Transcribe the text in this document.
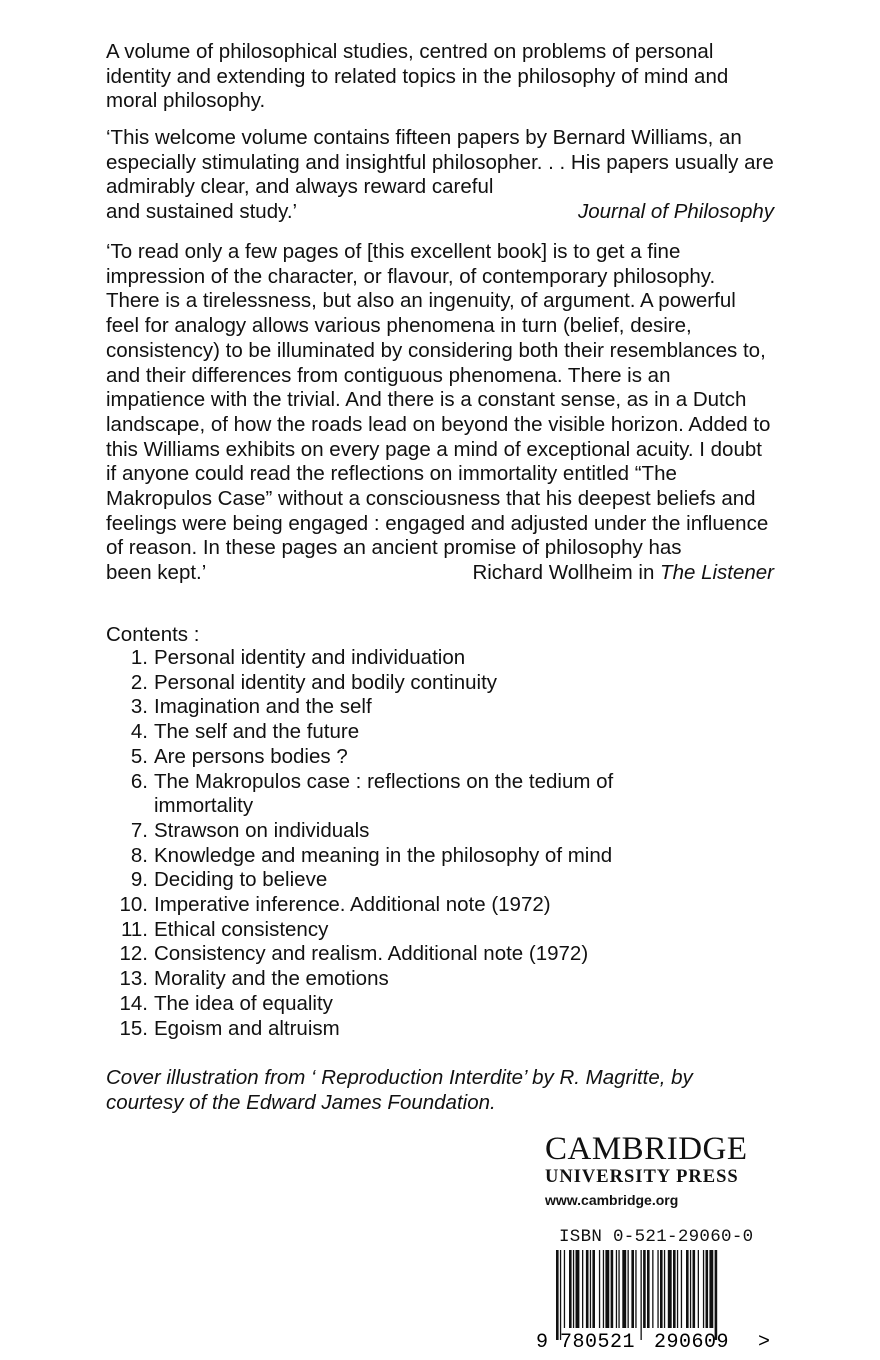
A volume of philosophical studies, centred on problems of personal identity and extending to related topics in the philosophy of mind and moral philosophy.

‘This welcome volume contains fifteen papers by Bernard Williams, an especially stimulating and insightful philosopher. . . His papers usually are admirably clear, and always reward careful
and sustained study.’	Journal of Philosophy
‘To read only a few pages of [this excellent book] is to get a fine impression of the character, or flavour, of contemporary philosophy. There is a tirelessness, but also an ingenuity, of argument. A powerful feel for analogy allows various phenomena in turn (belief, desire, consistency) to be illuminated by considering both their resemblances to, and their differences from contiguous phenomena. There is an impatience with the trivial. And there is a constant sense, as in a Dutch landscape, of how the roads lead on beyond the visible horizon. Added to this Williams exhibits on every page a mind of exceptional acuity. I doubt if anyone could read the reflections on immortality entitled “The Makropulos Case” without a consciousness that his deepest beliefs and feelings were being engaged : engaged and adjusted under the influence of reason. In these pages an ancient promise of philosophy has
been kept.’	Richard Wollheim in The Listener
Contents :
1. Personal identity and individuation
2. Personal identity and bodily continuity
3. Imagination and the self
4. The self and the future
5. Are persons bodies ?
6. The Makropulos case : reflections on the tedium of immortality
7. Strawson on individuals
8. Knowledge and meaning in the philosophy of mind
9. Deciding to believe
10. Imperative inference. Additional note (1972)
11. Ethical consistency
12. Consistency and realism. Additional note (1972)
13. Morality and the emotions
14. The idea of equality
15. Egoism and altruism
Cover illustration from ‘ Reproduction Interdite’ by R. Magritte, by courtesy of the Edward James Foundation.
CAMBRIDGE
UNIVERSITY PRESS
www.cambridge.org
ISBN 0-521-29060-0
9 780521 290609 >
